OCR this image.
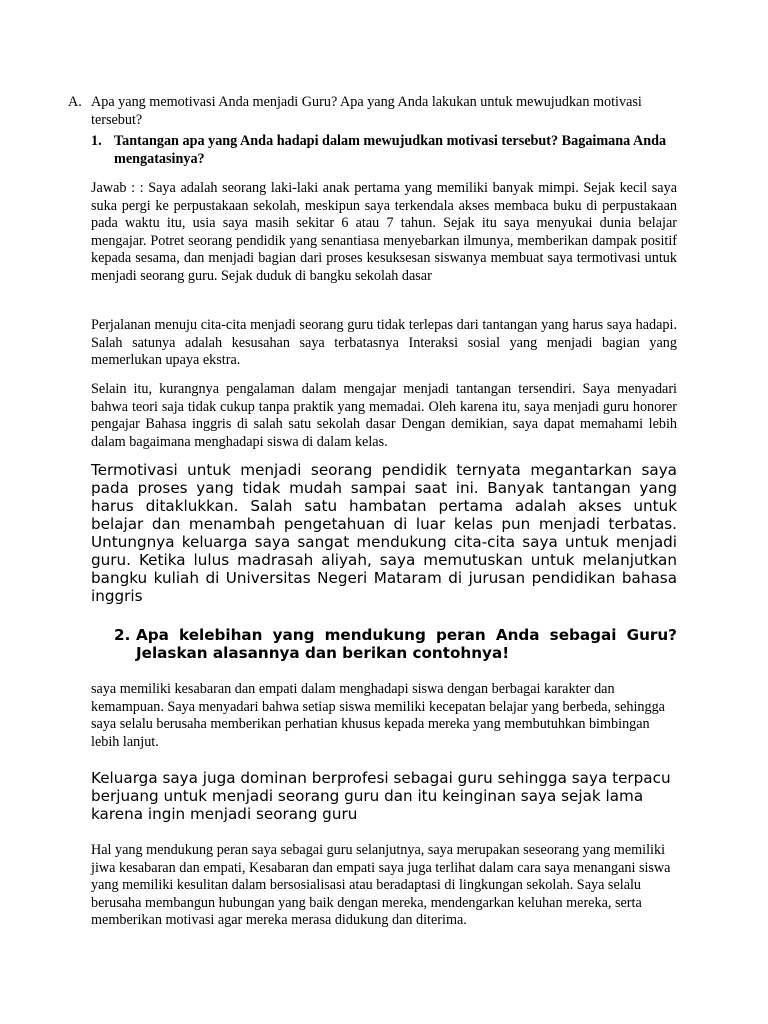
A. Apa yang memotivasi Anda menjadi Guru? Apa yang Anda lakukan untuk mewujudkan motivasi tersebut?
1. Tantangan apa yang Anda hadapi dalam mewujudkan motivasi tersebut? Bagaimana Anda mengatasinya?

Jawab : : Saya adalah seorang laki-laki anak pertama yang memiliki banyak mimpi. Sejak kecil saya suka pergi ke perpustakaan sekolah, meskipun saya terkendala akses membaca buku di perpustakaan pada waktu itu, usia saya masih sekitar 6 atau 7 tahun. Sejak itu saya menyukai dunia belajar mengajar. Potret seorang pendidik yang senantiasa menyebarkan ilmunya, memberikan dampak positif kepada sesama, dan menjadi bagian dari proses kesuksesan siswanya membuat saya termotivasi untuk menjadi seorang guru. Sejak duduk di bangku sekolah dasar

Perjalanan menuju cita-cita menjadi seorang guru tidak terlepas dari tantangan yang harus saya hadapi. Salah satunya adalah kesusahan saya terbatasnya Interaksi sosial yang menjadi bagian yang memerlukan upaya ekstra.

Selain itu, kurangnya pengalaman dalam mengajar menjadi tantangan tersendiri. Saya menyadari bahwa teori saja tidak cukup tanpa praktik yang memadai. Oleh karena itu, saya menjadi guru honorer pengajar Bahasa inggris di salah satu sekolah dasar Dengan demikian, saya dapat memahami lebih dalam bagaimana menghadapi siswa di dalam kelas.

Termotivasi untuk menjadi seorang pendidik ternyata megantarkan saya pada proses yang tidak mudah sampai saat ini. Banyak tantangan yang harus ditaklukkan. Salah satu hambatan pertama adalah akses untuk belajar dan menambah pengetahuan di luar kelas pun menjadi terbatas. Untungnya keluarga saya sangat mendukung cita-cita saya untuk menjadi guru. Ketika lulus madrasah aliyah, saya memutuskan untuk melanjutkan bangku kuliah di Universitas Negeri Mataram di jurusan pendidikan bahasa inggris

2. Apa kelebihan yang mendukung peran Anda sebagai Guru? Jelaskan alasannya dan berikan contohnya!

saya memiliki kesabaran dan empati dalam menghadapi siswa dengan berbagai karakter dan kemampuan. Saya menyadari bahwa setiap siswa memiliki kecepatan belajar yang berbeda, sehingga saya selalu berusaha memberikan perhatian khusus kepada mereka yang membutuhkan bimbingan lebih lanjut.

Keluarga saya juga dominan berprofesi sebagai guru sehingga saya terpacu berjuang untuk menjadi seorang guru dan itu keinginan saya sejak lama karena ingin menjadi seorang guru

Hal yang mendukung peran saya sebagai guru selanjutnya, saya merupakan seseorang yang memiliki jiwa kesabaran dan empati, Kesabaran dan empati saya juga terlihat dalam cara saya menangani siswa yang memiliki kesulitan dalam bersosialisasi atau beradaptasi di lingkungan sekolah. Saya selalu berusaha membangun hubungan yang baik dengan mereka, mendengarkan keluhan mereka, serta memberikan motivasi agar mereka merasa didukung dan diterima.
